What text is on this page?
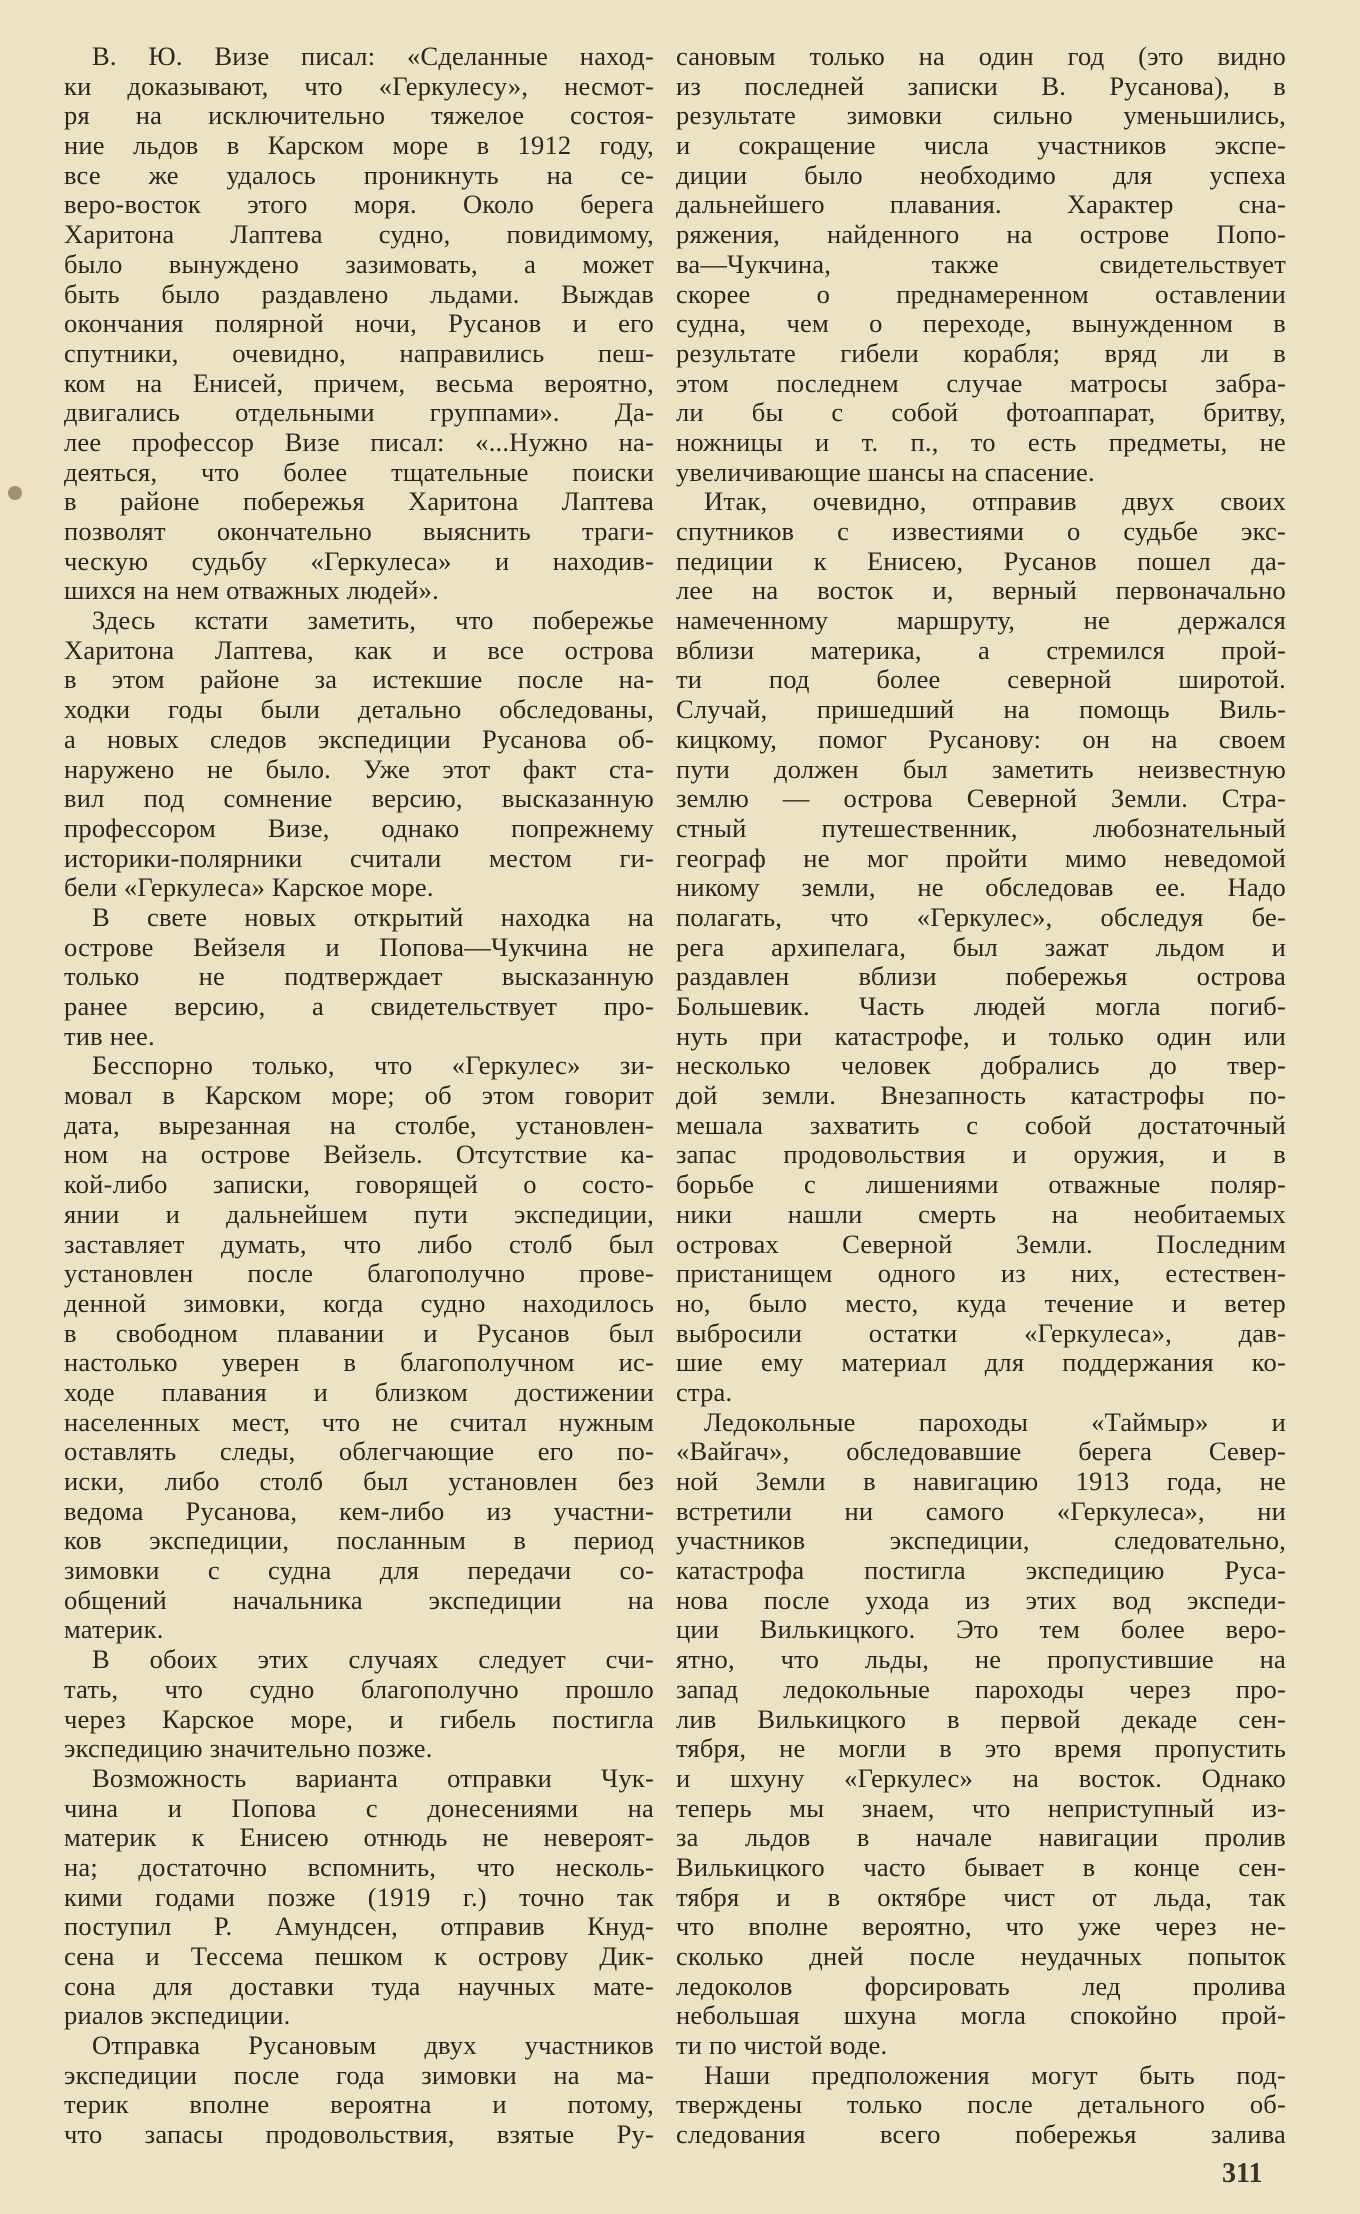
В. Ю. Визе писал: «Сделанные наход-
ки доказывают, что «Геркулесу», несмот-
ря на исключительно тяжелое состоя-
ние льдов в Карском море в 1912 году,
все же удалось проникнуть на се-
веро-восток этого моря. Около берега
Харитона Лаптева судно, повидимому,
было вынуждено зазимовать, а может
быть было раздавлено льдами. Выждав
окончания полярной ночи, Русанов и его
спутники, очевидно, направились пеш-
ком на Енисей, причем, весьма вероятно,
двигались отдельными группами». Да-
лее профессор Визе писал: «...Нужно на-
деяться, что более тщательные поиски
в районе побережья Харитона Лаптева
позволят окончательно выяснить траги-
ческую судьбу «Геркулеса» и находив-
шихся на нем отважных людей».
Здесь кстати заметить, что побережье
Харитона Лаптева, как и все острова
в этом районе за истекшие после на-
ходки годы были детально обследованы,
а новых следов экспедиции Русанова об-
наружено не было. Уже этот факт ста-
вил под сомнение версию, высказанную
профессором Визе, однако попрежнему
историки-полярники считали местом ги-
бели «Геркулеса» Карское море.
В свете новых открытий находка на
острове Вейзеля и Попова—Чукчина не
только не подтверждает высказанную
ранее версию, а свидетельствует про-
тив нее.
Бесспорно только, что «Геркулес» зи-
мовал в Карском море; об этом говорит
дата, вырезанная на столбе, установлен-
ном на острове Вейзель. Отсутствие ка-
кой-либо записки, говорящей о состо-
янии и дальнейшем пути экспедиции,
заставляет думать, что либо столб был
установлен после благополучно прове-
денной зимовки, когда судно находилось
в свободном плавании и Русанов был
настолько уверен в благополучном ис-
ходе плавания и близком достижении
населенных мест, что не считал нужным
оставлять следы, облегчающие его по-
иски, либо столб был установлен без
ведома Русанова, кем-либо из участни-
ков экспедиции, посланным в период
зимовки с судна для передачи со-
общений начальника экспедиции на
материк.
В обоих этих случаях следует счи-
тать, что судно благополучно прошло
через Карское море, и гибель постигла
экспедицию значительно позже.
Возможность варианта отправки Чук-
чина и Попова с донесениями на
материк к Енисею отнюдь не невероят-
на; достаточно вспомнить, что несколь-
кими годами позже (1919 г.) точно так
поступил Р. Амундсен, отправив Кнуд-
сена и Тессема пешком к острову Дик-
сона для доставки туда научных мате-
риалов экспедиции.
Отправка Русановым двух участников
экспедиции после года зимовки на ма-
терик вполне вероятна и потому,
что запасы продовольствия, взятые Ру-
сановым только на один год (это видно
из последней записки В. Русанова), в
результате зимовки сильно уменьшились,
и сокращение числа участников экспе-
диции было необходимо для успеха
дальнейшего плавания. Характер сна-
ряжения, найденного на острове Попо-
ва—Чукчина, также свидетельствует
скорее о преднамеренном оставлении
судна, чем о переходе, вынужденном в
результате гибели корабля; вряд ли в
этом последнем случае матросы забра-
ли бы с собой фотоаппарат, бритву,
ножницы и т. п., то есть предметы, не
увеличивающие шансы на спасение.
Итак, очевидно, отправив двух своих
спутников с известиями о судьбе экс-
педиции к Енисею, Русанов пошел да-
лее на восток и, верный первоначально
намеченному маршруту, не держался
вблизи материка, а стремился прой-
ти под более северной широтой.
Случай, пришедший на помощь Виль-
кицкому, помог Русанову: он на своем
пути должен был заметить неизвестную
землю — острова Северной Земли. Стра-
стный путешественник, любознательный
географ не мог пройти мимо неведомой
никому земли, не обследовав ее. Надо
полагать, что «Геркулес», обследуя бе-
рега архипелага, был зажат льдом и
раздавлен вблизи побережья острова
Большевик. Часть людей могла погиб-
нуть при катастрофе, и только один или
несколько человек добрались до твер-
дой земли. Внезапность катастрофы по-
мешала захватить с собой достаточный
запас продовольствия и оружия, и в
борьбе с лишениями отважные поляр-
ники нашли смерть на необитаемых
островах Северной Земли. Последним
пристанищем одного из них, естествен-
но, было место, куда течение и ветер
выбросили остатки «Геркулеса», дав-
шие ему материал для поддержания ко-
стра.
Ледокольные пароходы «Таймыр» и
«Вайгач», обследовавшие берега Север-
ной Земли в навигацию 1913 года, не
встретили ни самого «Геркулеса», ни
участников экспедиции, следовательно,
катастрофа постигла экспедицию Руса-
нова после ухода из этих вод экспеди-
ции Вилькицкого. Это тем более веро-
ятно, что льды, не пропустившие на
запад ледокольные пароходы через про-
лив Вилькицкого в первой декаде сен-
тября, не могли в это время пропустить
и шхуну «Геркулес» на восток. Однако
теперь мы знаем, что неприступный из-
за льдов в начале навигации пролив
Вилькицкого часто бывает в конце сен-
тября и в октябре чист от льда, так
что вполне вероятно, что уже через не-
сколько дней после неудачных попыток
ледоколов форсировать лед пролива
небольшая шхуна могла спокойно прой-
ти по чистой воде.
Наши предположения могут быть под-
тверждены только после детального об-
следования всего побережья залива
311
